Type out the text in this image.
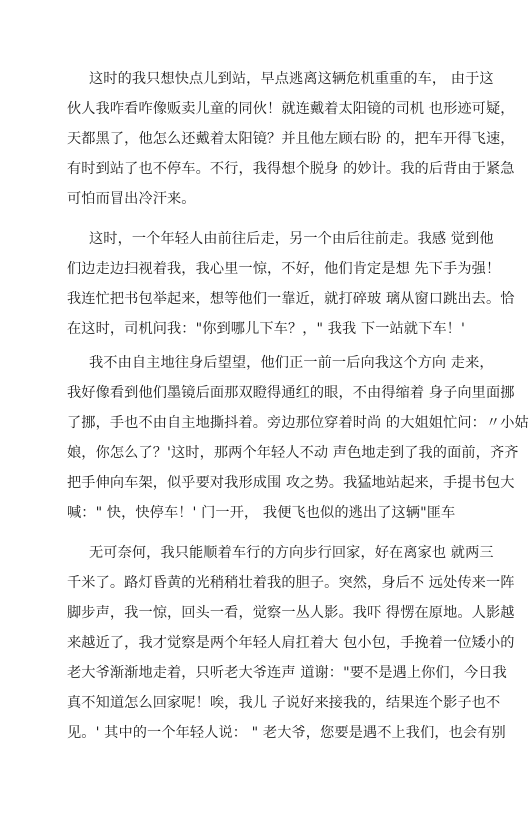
这时的我只想快点儿到站，早点逃离这辆危机重重的车， 由于这
伙人我咋看咋像贩卖儿童的同伙！就连戴着太阳镜的司机 也形迹可疑，
天都黑了，他怎么还戴着太阳镜？并且他左顾右盼 的，把车开得飞速，
有时到站了也不停车。不行，我得想个脱身 的妙计。我的后背由于紧急
可怕而冒出冷汗来。
这时，一个年轻人由前往后走，另一个由后往前走。我感 觉到他
们边走边扫视着我，我心里一惊，不好，他们肯定是想 先下手为强！
我连忙把书包举起来，想等他们一靠近，就打碎玻 璃从窗口跳出去。恰
在这时，司机问我："你到哪儿下车？，" 我我 下一站就下车！'
我不由自主地往身后望望，他们正一前一后向我这个方向 走来，
我好像看到他们墨镜后面那双瞪得通红的眼，不由得缩着 身子向里面挪
了挪，手也不由自主地撕抖着。旁边那位穿着时尚 的大姐姐忙问：〃小姑
娘，你怎么了？'这时，那两个年轻人不动 声色地走到了我的面前，齐齐
把手伸向车架，似乎要对我形成围 攻之势。我猛地站起来，手提书包大
喊：" 快，快停车！' 门一开， 我便飞也似的逃出了这辆"匪车
无可奈何，我只能顺着车行的方向步行回家，好在离家也 就两三
千米了。路灯昏黄的光稍稍壮着我的胆子。突然，身后不 远处传来一阵
脚步声，我一惊，回头一看，觉察一丛人影。我吓 得愣在原地。人影越
来越近了，我才觉察是两个年轻人肩扛着大 包小包，手挽着一位矮小的
老大爷渐渐地走着，只听老大爷连声 道谢："要不是遇上你们，今日我
真不知道怎么回家呢！唉，我儿 子说好来接我的，结果连个影子也不
见。' 其中的一个年轻人说： " 老大爷，您要是遇不上我们，也会有别
